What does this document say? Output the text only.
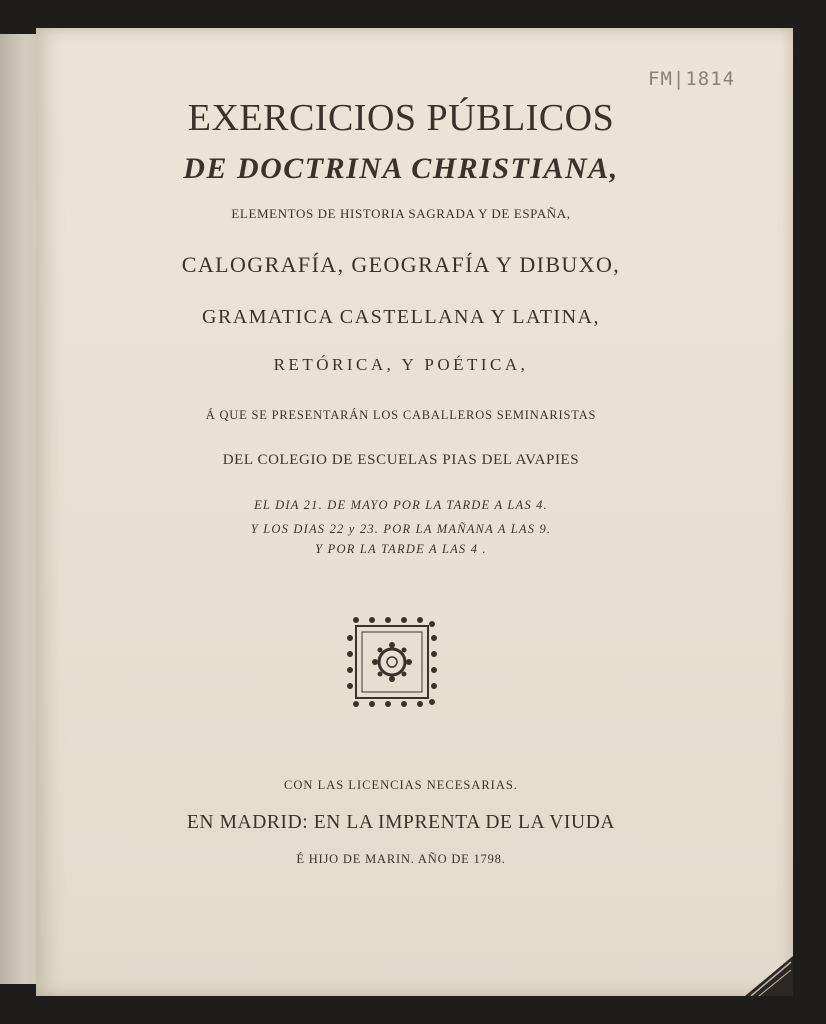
FM|1814
EXERCICIOS PÚBLICOS
DE DOCTRINA CHRISTIANA,
ELEMENTOS DE HISTORIA SAGRADA Y DE ESPAÑA,
CALOGRAFÍA, GEOGRAFÍA Y DIBUXO,
GRAMATICA CASTELLANA Y LATINA,
RETÓRICA, Y POÉTICA,
Á QUE SE PRESENTARÁN LOS CABALLEROS SEMINARISTAS
DEL COLEGIO DE ESCUELAS PIAS DEL AVAPIES
EL DIA 21. DE MAYO POR LA TARDE A LAS 4.
Y LOS DIAS 22 y 23. POR LA MAÑANA A LAS 9.
Y POR LA TARDE A LAS 4 .
CON LAS LICENCIAS NECESARIAS.
EN MADRID: EN LA IMPRENTA DE LA VIUDA
É HIJO DE MARIN. AÑO DE 1798.
